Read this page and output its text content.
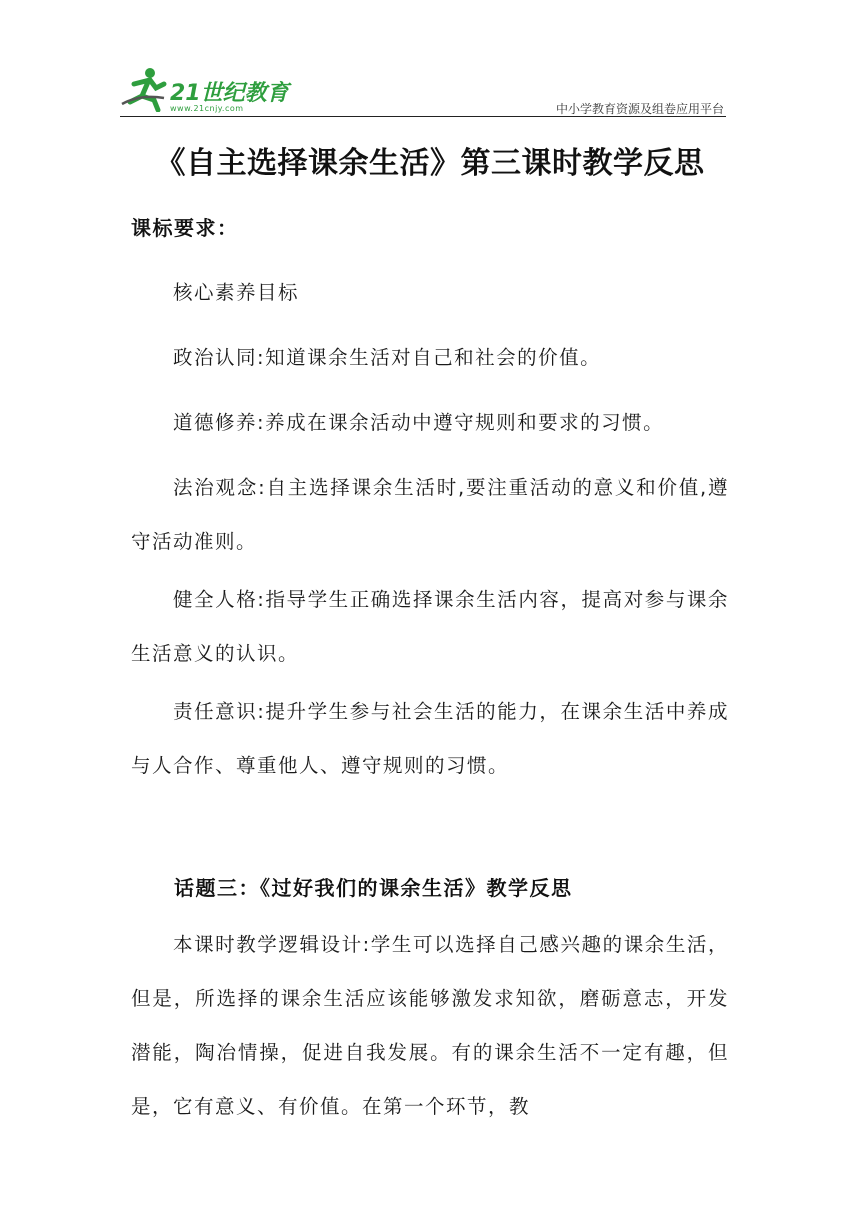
21世纪教育
www.21cnjy.com	中小学教育资源及组卷应用平台
《自主选择课余生活》第三课时教学反思
课标要求：
核心素养目标
政治认同:知道课余生活对自己和社会的价值。
道德修养:养成在课余活动中遵守规则和要求的习惯。
法治观念:自主选择课余生活时,要注重活动的意义和价值,遵守活动准则。
健全人格:指导学生正确选择课余生活内容，提高对参与课余生活意义的认识。
责任意识:提升学生参与社会生活的能力，在课余生活中养成与人合作、尊重他人、遵守规则的习惯。
话题三：《过好我们的课余生活》教学反思
本课时教学逻辑设计:学生可以选择自己感兴趣的课余生活，但是，所选择的课余生活应该能够激发求知欲，磨砺意志，开发潜能，陶冶情操，促进自我发展。有的课余生活不一定有趣，但是，它有意义、有价值。在第一个环节，教
